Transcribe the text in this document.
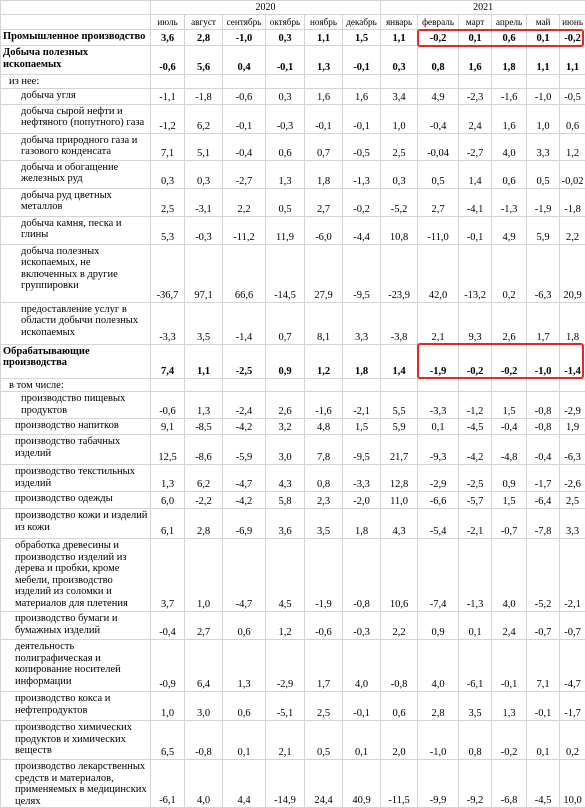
	2020						2021					
	июль	август	сентябрь	октябрь	ноябрь	декабрь	январь	февраль	март	апрель	май	июнь
Промышленное производство	3,6	2,8	-1,0	0,3	1,1	1,5	1,1	-0,2	0,1	0,6	0,1	-0,2
Добыча полезных ископаемых	-0,6	5,6	0,4	-0,1	1,3	-0,1	0,3	0,8	1,6	1,8	1,1	1,1
из нее:												
добыча угля	-1,1	-1,8	-0,6	0,3	1,6	1,6	3,4	4,9	-2,3	-1,6	-1,0	-0,5
добыча сырой нефти и нефтяного (попутного) газа	-1,2	6,2	-0,1	-0,3	-0,1	-0,1	1,0	-0,4	2,4	1,6	1,0	0,6
добыча природного газа и газового конденсата	7,1	5,1	-0,4	0,6	0,7	-0,5	2,5	-0,04	-2,7	4,0	3,3	1,2
добыча и обогащение железных руд	0,3	0,3	-2,7	1,3	1,8	-1,3	0,3	0,5	1,4	0,6	0,5	-0,02
добыча руд цветных металлов	2,5	-3,1	2,2	0,5	2,7	-0,2	-5,2	2,7	-4,1	-1,3	-1,9	-1,8
добыча камня, песка и глины	5,3	-0,3	-11,2	11,9	-6,0	-4,4	10,8	-11,0	-0,1	4,9	5,9	2,2
добыча полезных ископаемых, не включенных в другие группировки	-36,7	97,1	66,6	-14,5	27,9	-9,5	-23,9	42,0	-13,2	0,2	-6,3	20,9
предоставление услуг в области добычи полезных ископаемых	-3,3	3,5	-1,4	0,7	8,1	3,3	-3,8	2,1	9,3	2,6	1,7	1,8
Обрабатывающие производства	7,4	1,1	-2,5	0,9	1,2	1,8	1,4	-1,9	-0,2	-0,2	-1,0	-1,4
в том числе:												
производство пищевых продуктов	-0,6	1,3	-2,4	2,6	-1,6	-2,1	5,5	-3,3	-1,2	1,5	-0,8	-2,9
производство напитков	9,1	-8,5	-4,2	3,2	4,8	1,5	5,9	0,1	-4,5	-0,4	-0,8	1,9
производство табачных изделий	12,5	-8,6	-5,9	3,0	7,8	-9,5	21,7	-9,3	-4,2	-4,8	-0,4	-6,3
производство текстильных изделий	1,3	6,2	-4,7	4,3	0,8	-3,3	12,8	-2,9	-2,5	0,9	-1,7	-2,6
производство одежды	6,0	-2,2	-4,2	5,8	2,3	-2,0	11,0	-6,6	-5,7	1,5	-6,4	2,5
производство кожи и изделий из кожи	6,1	2,8	-6,9	3,6	3,5	1,8	4,3	-5,4	-2,1	-0,7	-7,8	3,3
обработка древесины и производство изделий из дерева и пробки, кроме мебели, производство изделий из соломки и материалов для плетения	3,7	1,0	-4,7	4,5	-1,9	-0,8	10,6	-7,4	-1,3	4,0	-5,2	-2,1
производство бумаги и бумажных изделий	-0,4	2,7	0,6	1,2	-0,6	-0,3	2,2	0,9	0,1	2,4	-0,7	-0,7
деятельность полиграфическая и копирование носителей информации	-0,9	6,4	1,3	-2,9	1,7	4,0	-0,8	4,0	-6,1	-0,1	7,1	-4,7
производство кокса и нефтепродуктов	1,0	3,0	0,6	-5,1	2,5	-0,1	0,6	2,8	3,5	1,3	-0,1	-1,7
производство химических продуктов и химических веществ	6,5	-0,8	0,1	2,1	0,5	0,1	2,0	-1,0	0,8	-0,2	0,1	0,2
производство лекарственных средств и материалов, применяемых в медицинских целях	-6,1	4,0	4,4	-14,9	24,4	40,9	-11,5	-9,9	-9,2	-6,8	-4,5	10,0
